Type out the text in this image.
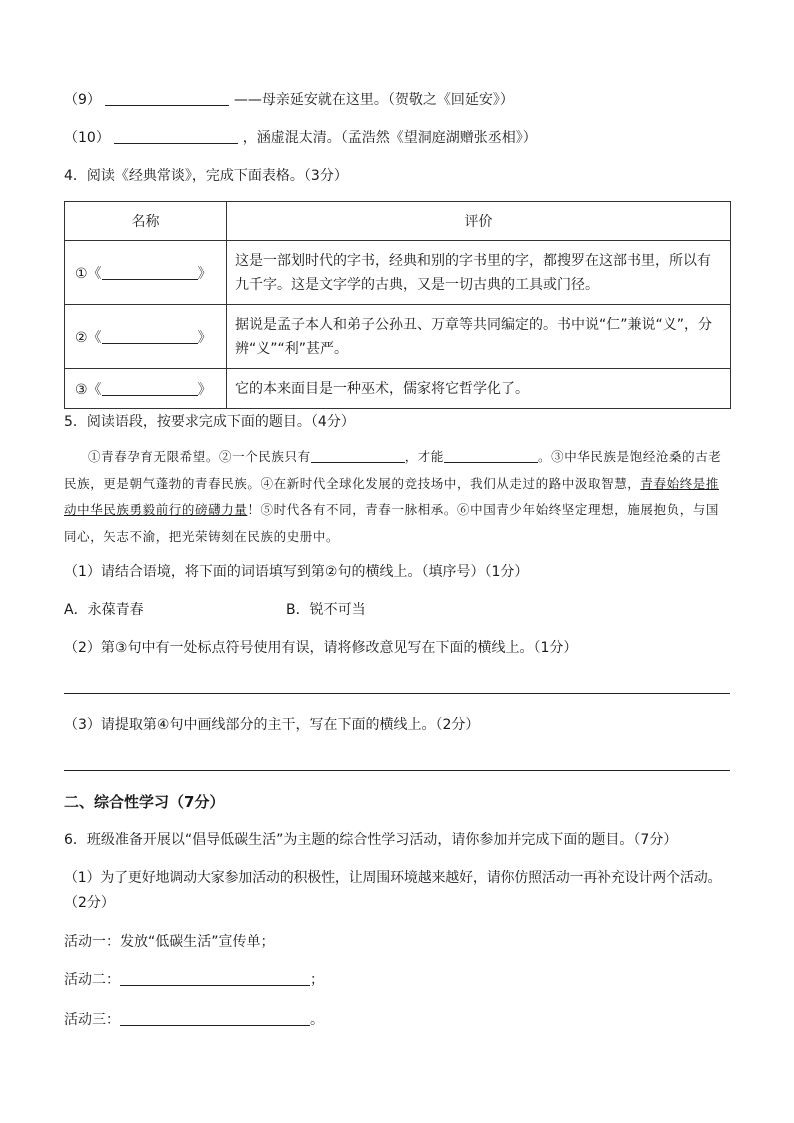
（9）	——母亲延安就在这里。（贺敬之《回延安》）
（10）	，涵虚混太清。（孟浩然《望洞庭湖赠张丞相》）
4．阅读《经典常谈》，完成下面表格。（3分）
名称	评价
①《 》	这是一部划时代的字书，经典和别的字书里的字，都搜罗在这部书里，所以有九千字。这是文字学的古典，又是一切古典的工具或门径。
②《 》	据说是孟子本人和弟子公孙丑、万章等共同编定的。书中说“仁”兼说“义”，分辨“义”“利”甚严。
③《 》	它的本来面目是一种巫术，儒家将它哲学化了。
5．阅读语段，按要求完成下面的题目。（4分）
①青春孕育无限希望。②一个民族只有	，才能	。③中华民族是饱经沧桑的古老民族，更是朝气蓬勃的青春民族。④在新时代全球化发展的竞技场中，我们从走过的路中汲取智慧，青春始终是推动中华民族勇毅前行的磅礴力量！⑤时代各有不同，青春一脉相承。⑥中国青少年始终坚定理想，施展抱负，与国同心，矢志不渝，把光荣铸刻在民族的史册中。
（1）请结合语境，将下面的词语填写到第②句的横线上。（填序号）（1分）
A．永葆青春	B．锐不可当
（2）第③句中有一处标点符号使用有误，请将修改意见写在下面的横线上。（1分）
（3）请提取第④句中画线部分的主干，写在下面的横线上。（2分）
二、综合性学习（7分）
6．班级准备开展以“倡导低碳生活”为主题的综合性学习活动，请你参加并完成下面的题目。（7分）
（1）为了更好地调动大家参加活动的积极性，让周围环境越来越好，请你仿照活动一再补充设计两个活动。
（2分）
活动一：发放“低碳生活”宣传单；
活动二：	；
活动三：	。
